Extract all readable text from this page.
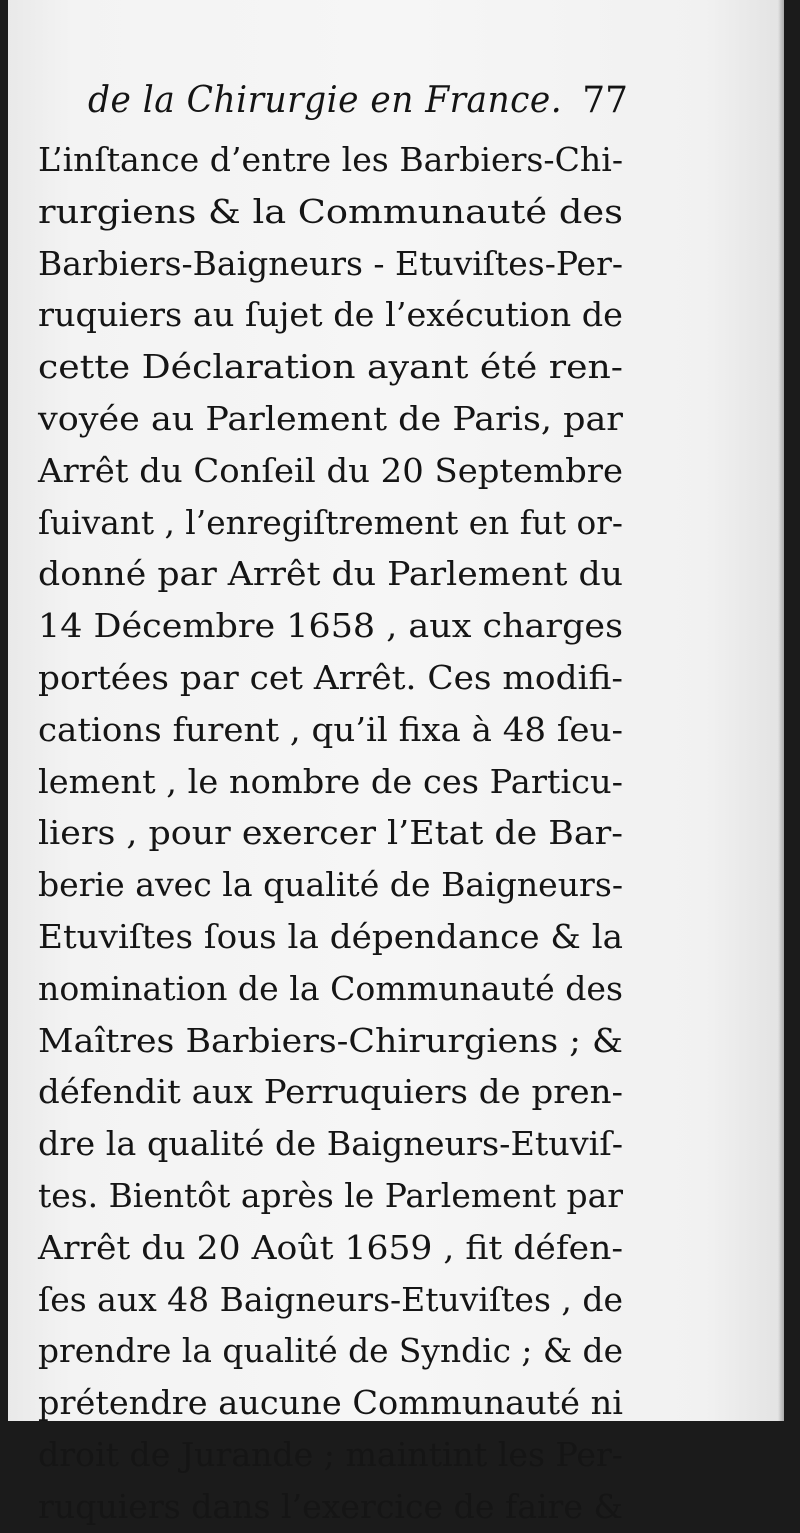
de la Chirurgie en France. 77
L’inſtance d’entre les Barbiers-Chi-
rurgiens & la Communauté des
Barbiers-Baigneurs - Etuviſtes-Per-
ruquiers au ſujet de l’exécution de
cette Déclaration ayant été ren-
voyée au Parlement de Paris, par
Arrêt du Conſeil du 20 Septembre
ſuivant , l’enregiſtrement en fut or-
donné par Arrêt du Parlement du
14 Décembre 1658 , aux charges
portées par cet Arrêt. Ces modifi-
cations furent , qu’il fixa à 48 ſeu-
lement , le nombre de ces Particu-
liers , pour exercer l’Etat de Bar-
berie avec la qualité de Baigneurs-
Etuviſtes ſous la dépendance & la
nomination de la Communauté des
Maîtres Barbiers-Chirurgiens ; &
défendit aux Perruquiers de pren-
dre la qualité de Baigneurs-Etuviſ-
tes. Bientôt après le Parlement par
Arrêt du 20 Août 1659 , fit défen-
ſes aux 48 Baigneurs-Etuviſtes , de
prendre la qualité de Syndic ; & de
prétendre aucune Communauté ni
droit de Jurande ; maintint les Per-
ruquiers dans l’exercice de faire &
